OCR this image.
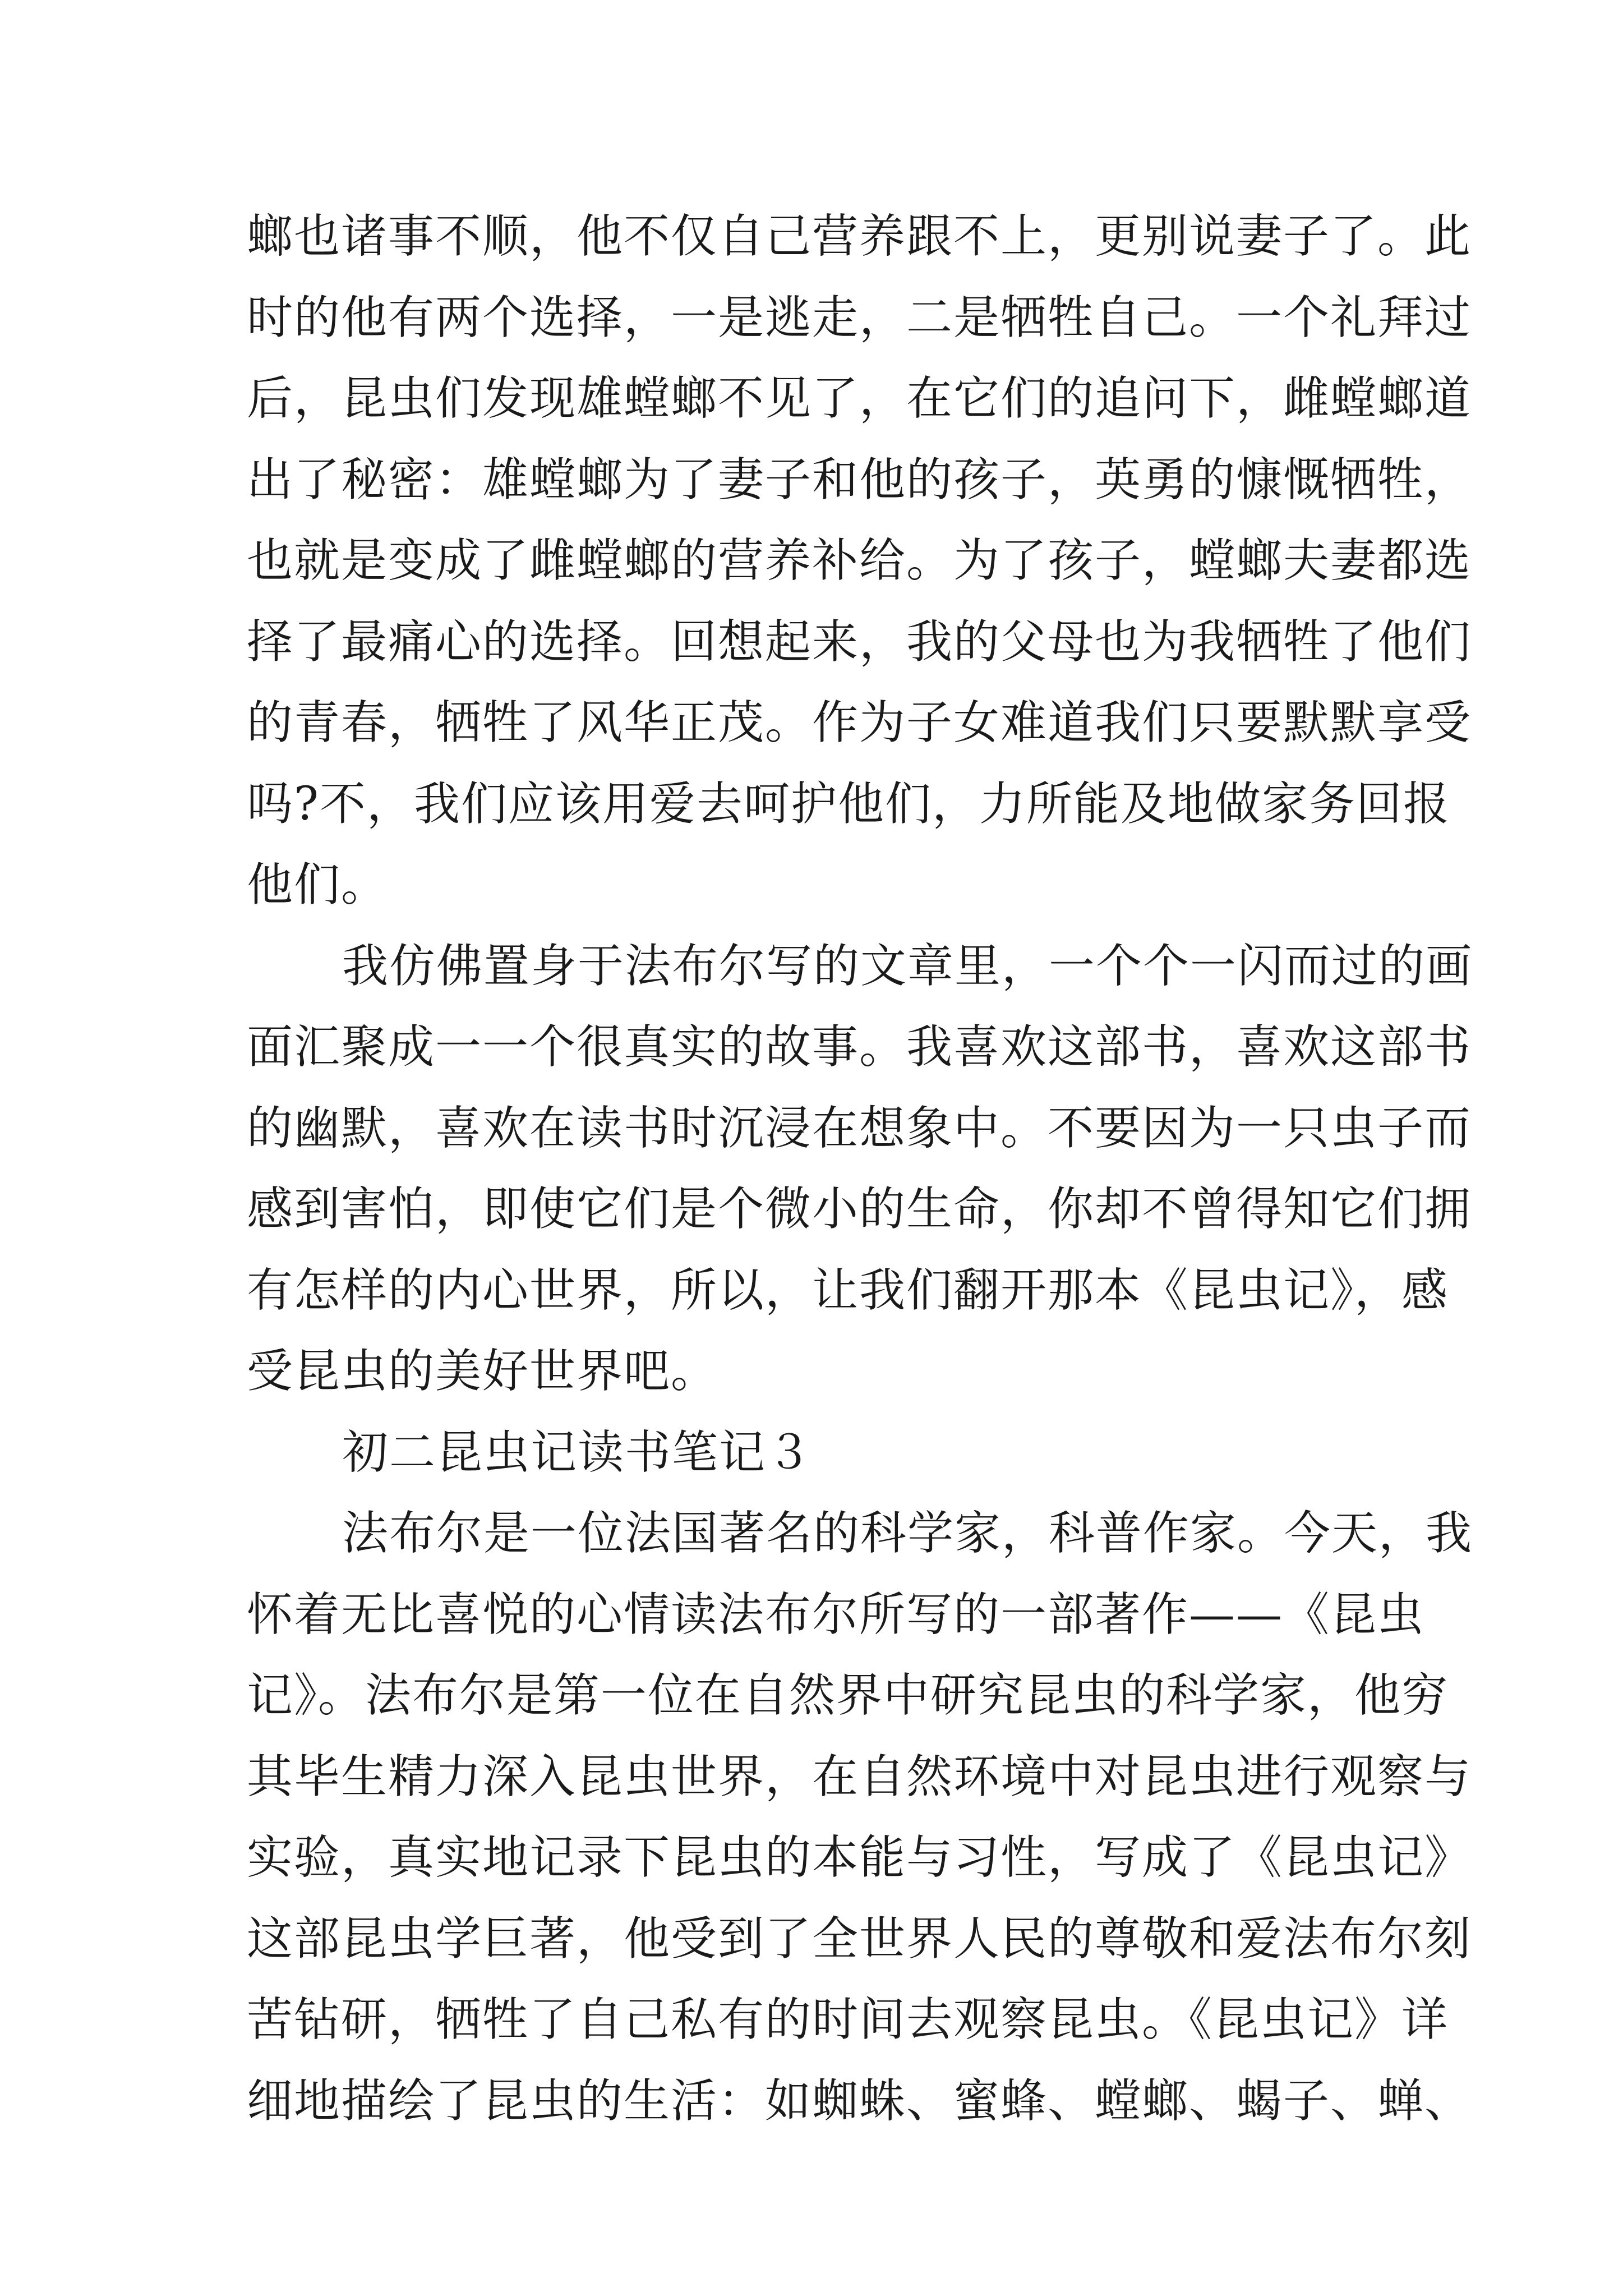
螂也诸事不顺，他不仅自己营养跟不上，更别说妻子了。此
时的他有两个选择，一是逃走，二是牺牲自己。一个礼拜过
后，昆虫们发现雄螳螂不见了，在它们的追问下，雌螳螂道
出了秘密：雄螳螂为了妻子和他的孩子，英勇的慷慨牺牲，
也就是变成了雌螳螂的营养补给。为了孩子，螳螂夫妻都选
择了最痛心的选择。回想起来，我的父母也为我牺牲了他们
的青春，牺牲了风华正茂。作为子女难道我们只要默默享受
吗?不，我们应该用爱去呵护他们，力所能及地做家务回报
他们。
我仿佛置身于法布尔写的文章里，一个个一闪而过的画
面汇聚成一一个很真实的故事。我喜欢这部书，喜欢这部书
的幽默，喜欢在读书时沉浸在想象中。不要因为一只虫子而
感到害怕，即使它们是个微小的生命，你却不曾得知它们拥
有怎样的内心世界，所以，让我们翻开那本《昆虫记》，感
受昆虫的美好世界吧。
初二昆虫记读书笔记３
法布尔是一位法国著名的科学家，科普作家。今天，我
怀着无比喜悦的心情读法布尔所写的一部著作——《昆虫
记》。法布尔是第一位在自然界中研究昆虫的科学家，他穷
其毕生精力深入昆虫世界，在自然环境中对昆虫进行观察与
实验，真实地记录下昆虫的本能与习性，写成了《昆虫记》
这部昆虫学巨著，他受到了全世界人民的尊敬和爱法布尔刻
苦钻研，牺牲了自己私有的时间去观察昆虫。《昆虫记》详
细地描绘了昆虫的生活：如蜘蛛、蜜蜂、螳螂、蝎子、蝉、
